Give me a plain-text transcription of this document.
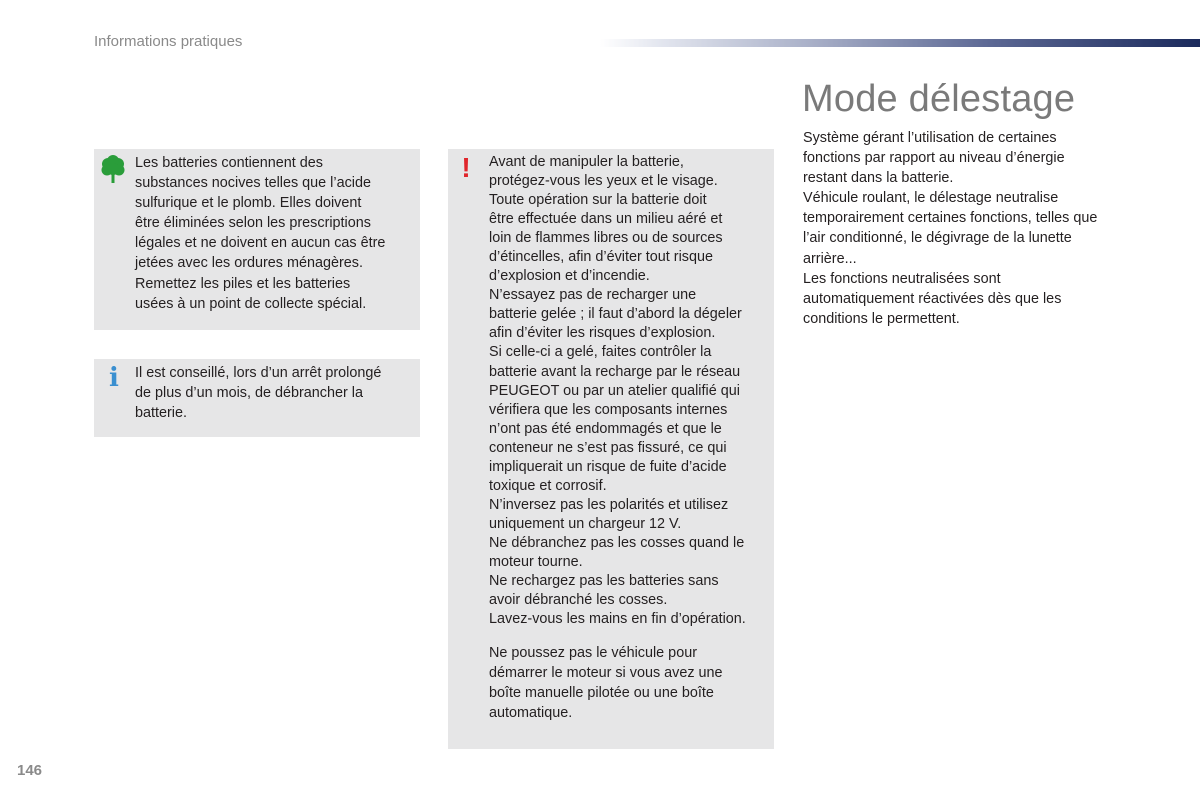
Informations pratiques

Les batteries contiennent des

substances nocives telles que l’acide

sulfurique et le plomb. Elles doivent

être éliminées selon les prescriptions

légales et ne doivent en aucun cas être

jetées avec les ordures ménagères.

Remettez les piles et les batteries

usées à un point de collecte spécial.

i Il est conseillé, lors d’un arrêt prolongé

de plus d’un mois, de débrancher la

batterie.

! Avant de manipuler la batterie,

protégez-vous les yeux et le visage.

Toute opération sur la batterie doit

être effectuée dans un milieu aéré et

loin de flammes libres ou de sources

d’étincelles, afin d’éviter tout risque

d’explosion et d’incendie.

N’essayez pas de recharger une

batterie gelée ; il faut d’abord la dégeler

afin d’éviter les risques d’explosion.

Si celle-ci a gelé, faites contrôler la

batterie avant la recharge par le réseau

PEUGEOT ou par un atelier qualifié qui

vérifiera que les composants internes

n’ont pas été endommagés et que le

conteneur ne s’est pas fissuré, ce qui

impliquerait un risque de fuite d’acide

toxique et corrosif.

N’inversez pas les polarités et utilisez

uniquement un chargeur 12 V.

Ne débranchez pas les cosses quand le

moteur tourne.

Ne rechargez pas les batteries sans

avoir débranché les cosses.

Lavez-vous les mains en fin d’opération.

Ne poussez pas le véhicule pour

démarrer le moteur si vous avez une

boîte manuelle pilotée ou une boîte

automatique.

Mode délestage

Système gérant l’utilisation de certaines

fonctions par rapport au niveau d’énergie

restant dans la batterie.

Véhicule roulant, le délestage neutralise

temporairement certaines fonctions, telles que

l’air conditionné, le dégivrage de la lunette

arrière...

Les fonctions neutralisées sont

automatiquement réactivées dès que les

conditions le permettent.

146
